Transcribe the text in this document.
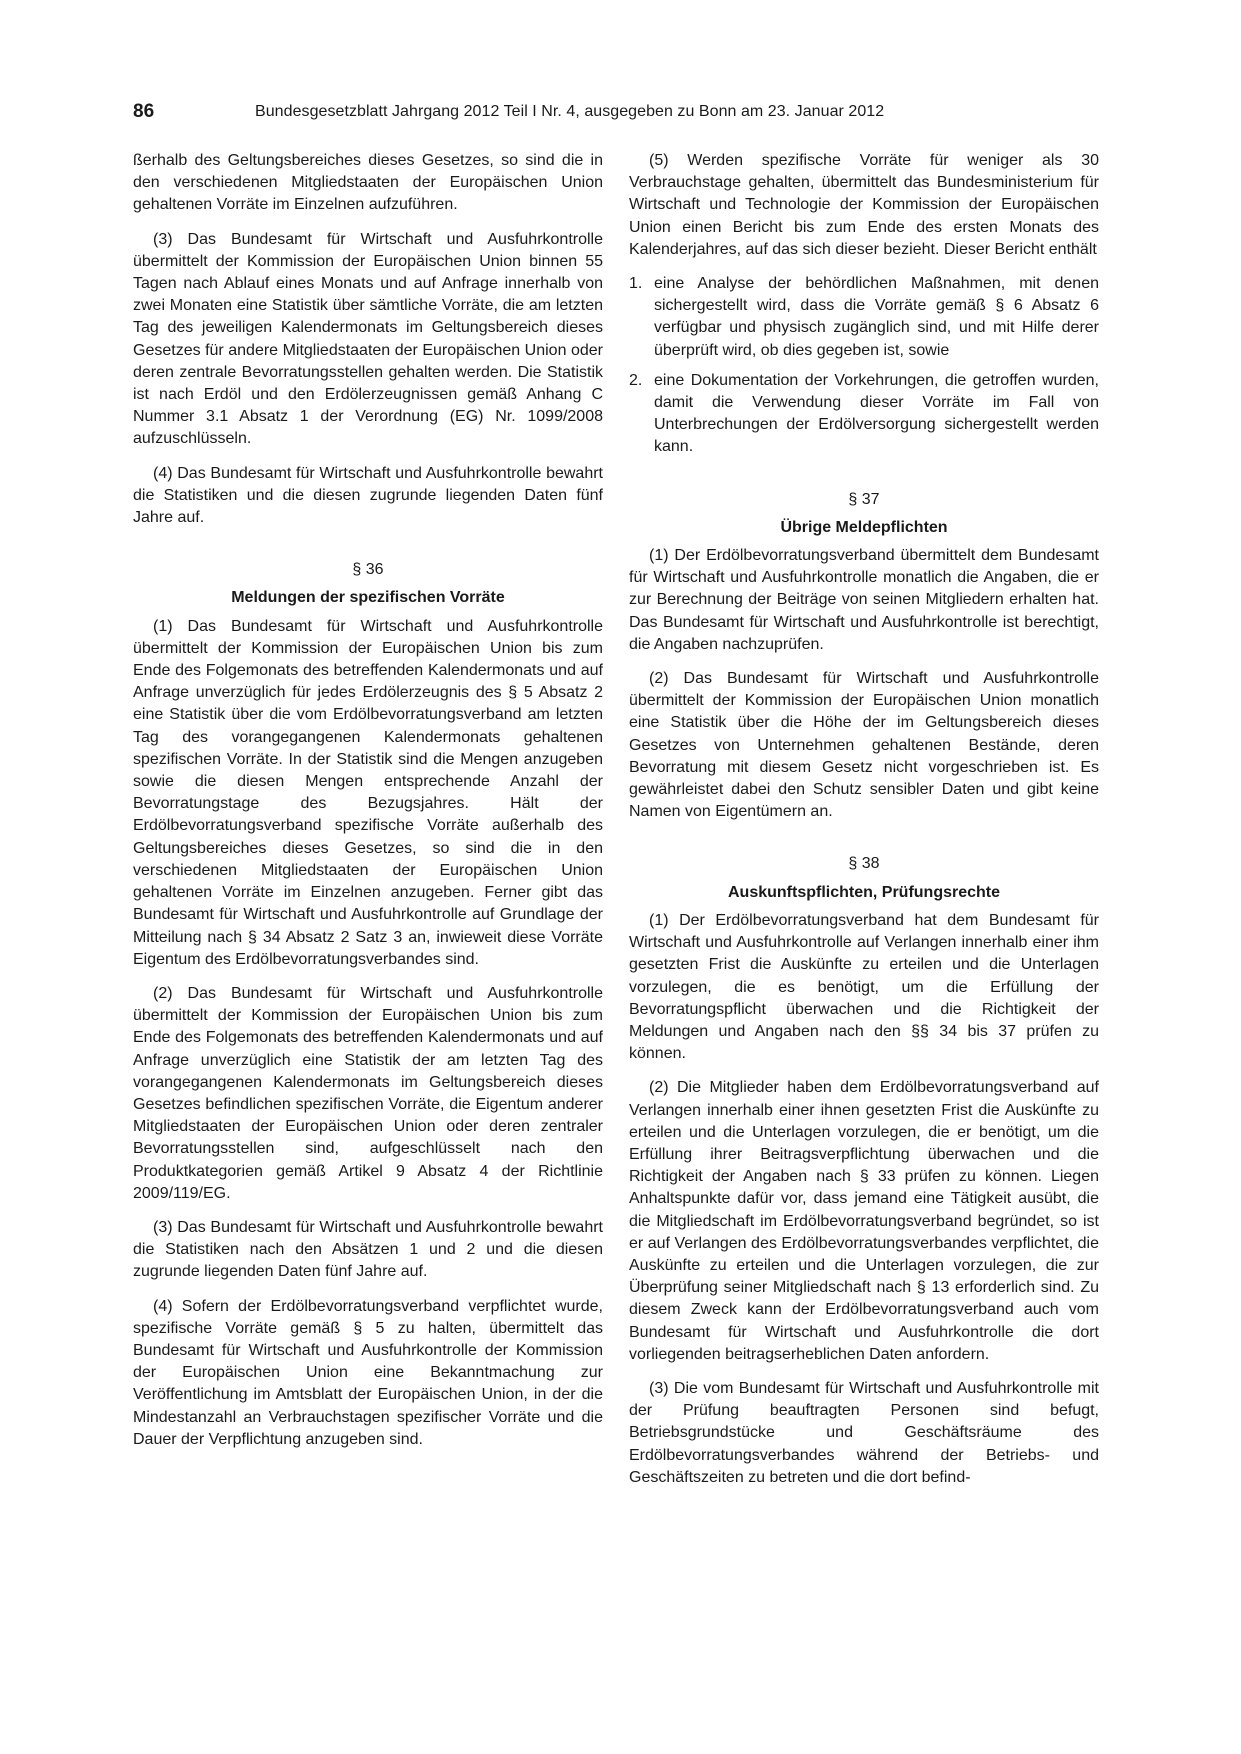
86	Bundesgesetzblatt Jahrgang 2012 Teil I Nr. 4, ausgegeben zu Bonn am 23. Januar 2012

ßerhalb des Geltungsbereiches dieses Gesetzes, so sind die in den verschiedenen Mitgliedstaaten der Europäischen Union gehaltenen Vorräte im Einzelnen aufzuführen.

(3) Das Bundesamt für Wirtschaft und Ausfuhrkontrolle übermittelt der Kommission der Europäischen Union binnen 55 Tagen nach Ablauf eines Monats und auf Anfrage innerhalb von zwei Monaten eine Statistik über sämtliche Vorräte, die am letzten Tag des jeweiligen Kalendermonats im Geltungsbereich dieses Gesetzes für andere Mitgliedstaaten der Europäischen Union oder deren zentrale Bevorratungsstellen gehalten werden. Die Statistik ist nach Erdöl und den Erdölerzeugnissen gemäß Anhang C Nummer 3.1 Absatz 1 der Verordnung (EG) Nr. 1099/2008 aufzuschlüsseln.

(4) Das Bundesamt für Wirtschaft und Ausfuhrkontrolle bewahrt die Statistiken und die diesen zugrunde liegenden Daten fünf Jahre auf.

§ 36
Meldungen der spezifischen Vorräte

(1) Das Bundesamt für Wirtschaft und Ausfuhrkontrolle übermittelt der Kommission der Europäischen Union bis zum Ende des Folgemonats des betreffenden Kalendermonats und auf Anfrage unverzüglich für jedes Erdölerzeugnis des § 5 Absatz 2 eine Statistik über die vom Erdölbevorratungsverband am letzten Tag des vorangegangenen Kalendermonats gehaltenen spezifischen Vorräte. In der Statistik sind die Mengen anzugeben sowie die diesen Mengen entsprechende Anzahl der Bevorratungstage des Bezugsjahres. Hält der Erdölbevorratungsverband spezifische Vorräte außerhalb des Geltungsbereiches dieses Gesetzes, so sind die in den verschiedenen Mitgliedstaaten der Europäischen Union gehaltenen Vorräte im Einzelnen anzugeben. Ferner gibt das Bundesamt für Wirtschaft und Ausfuhrkontrolle auf Grundlage der Mitteilung nach § 34 Absatz 2 Satz 3 an, inwieweit diese Vorräte Eigentum des Erdölbevorratungsverbandes sind.

(2) Das Bundesamt für Wirtschaft und Ausfuhrkontrolle übermittelt der Kommission der Europäischen Union bis zum Ende des Folgemonats des betreffenden Kalendermonats und auf Anfrage unverzüglich eine Statistik der am letzten Tag des vorangegangenen Kalendermonats im Geltungsbereich dieses Gesetzes befindlichen spezifischen Vorräte, die Eigentum anderer Mitgliedstaaten der Europäischen Union oder deren zentraler Bevorratungsstellen sind, aufgeschlüsselt nach den Produktkategorien gemäß Artikel 9 Absatz 4 der Richtlinie 2009/119/EG.

(3) Das Bundesamt für Wirtschaft und Ausfuhrkontrolle bewahrt die Statistiken nach den Absätzen 1 und 2 und die diesen zugrunde liegenden Daten fünf Jahre auf.

(4) Sofern der Erdölbevorratungsverband verpflichtet wurde, spezifische Vorräte gemäß § 5 zu halten, übermittelt das Bundesamt für Wirtschaft und Ausfuhrkontrolle der Kommission der Europäischen Union eine Bekanntmachung zur Veröffentlichung im Amtsblatt der Europäischen Union, in der die Mindestanzahl an Verbrauchstagen spezifischer Vorräte und die Dauer der Verpflichtung anzugeben sind.

(5) Werden spezifische Vorräte für weniger als 30 Verbrauchstage gehalten, übermittelt das Bundesministerium für Wirtschaft und Technologie der Kommission der Europäischen Union einen Bericht bis zum Ende des ersten Monats des Kalenderjahres, auf das sich dieser bezieht. Dieser Bericht enthält

1. eine Analyse der behördlichen Maßnahmen, mit denen sichergestellt wird, dass die Vorräte gemäß § 6 Absatz 6 verfügbar und physisch zugänglich sind, und mit Hilfe derer überprüft wird, ob dies gegeben ist, sowie
2. eine Dokumentation der Vorkehrungen, die getroffen wurden, damit die Verwendung dieser Vorräte im Fall von Unterbrechungen der Erdölversorgung sichergestellt werden kann.
§ 37
Übrige Meldepflichten

(1) Der Erdölbevorratungsverband übermittelt dem Bundesamt für Wirtschaft und Ausfuhrkontrolle monatlich die Angaben, die er zur Berechnung der Beiträge von seinen Mitgliedern erhalten hat. Das Bundesamt für Wirtschaft und Ausfuhrkontrolle ist berechtigt, die Angaben nachzuprüfen.

(2) Das Bundesamt für Wirtschaft und Ausfuhrkontrolle übermittelt der Kommission der Europäischen Union monatlich eine Statistik über die Höhe der im Geltungsbereich dieses Gesetzes von Unternehmen gehaltenen Bestände, deren Bevorratung mit diesem Gesetz nicht vorgeschrieben ist. Es gewährleistet dabei den Schutz sensibler Daten und gibt keine Namen von Eigentümern an.

§ 38
Auskunftspflichten, Prüfungsrechte

(1) Der Erdölbevorratungsverband hat dem Bundesamt für Wirtschaft und Ausfuhrkontrolle auf Verlangen innerhalb einer ihm gesetzten Frist die Auskünfte zu erteilen und die Unterlagen vorzulegen, die es benötigt, um die Erfüllung der Bevorratungspflicht überwachen und die Richtigkeit der Meldungen und Angaben nach den §§ 34 bis 37 prüfen zu können.

(2) Die Mitglieder haben dem Erdölbevorratungsverband auf Verlangen innerhalb einer ihnen gesetzten Frist die Auskünfte zu erteilen und die Unterlagen vorzulegen, die er benötigt, um die Erfüllung ihrer Beitragsverpflichtung überwachen und die Richtigkeit der Angaben nach § 33 prüfen zu können. Liegen Anhaltspunkte dafür vor, dass jemand eine Tätigkeit ausübt, die die Mitgliedschaft im Erdölbevorratungsverband begründet, so ist er auf Verlangen des Erdölbevorratungsverbandes verpflichtet, die Auskünfte zu erteilen und die Unterlagen vorzulegen, die zur Überprüfung seiner Mitgliedschaft nach § 13 erforderlich sind. Zu diesem Zweck kann der Erdölbevorratungsverband auch vom Bundesamt für Wirtschaft und Ausfuhrkontrolle die dort vorliegenden beitragserheblichen Daten anfordern.

(3) Die vom Bundesamt für Wirtschaft und Ausfuhrkontrolle mit der Prüfung beauftragten Personen sind befugt, Betriebsgrundstücke und Geschäftsräume des Erdölbevorratungsverbandes während der Betriebs- und Geschäftszeiten zu betreten und die dort befind-
